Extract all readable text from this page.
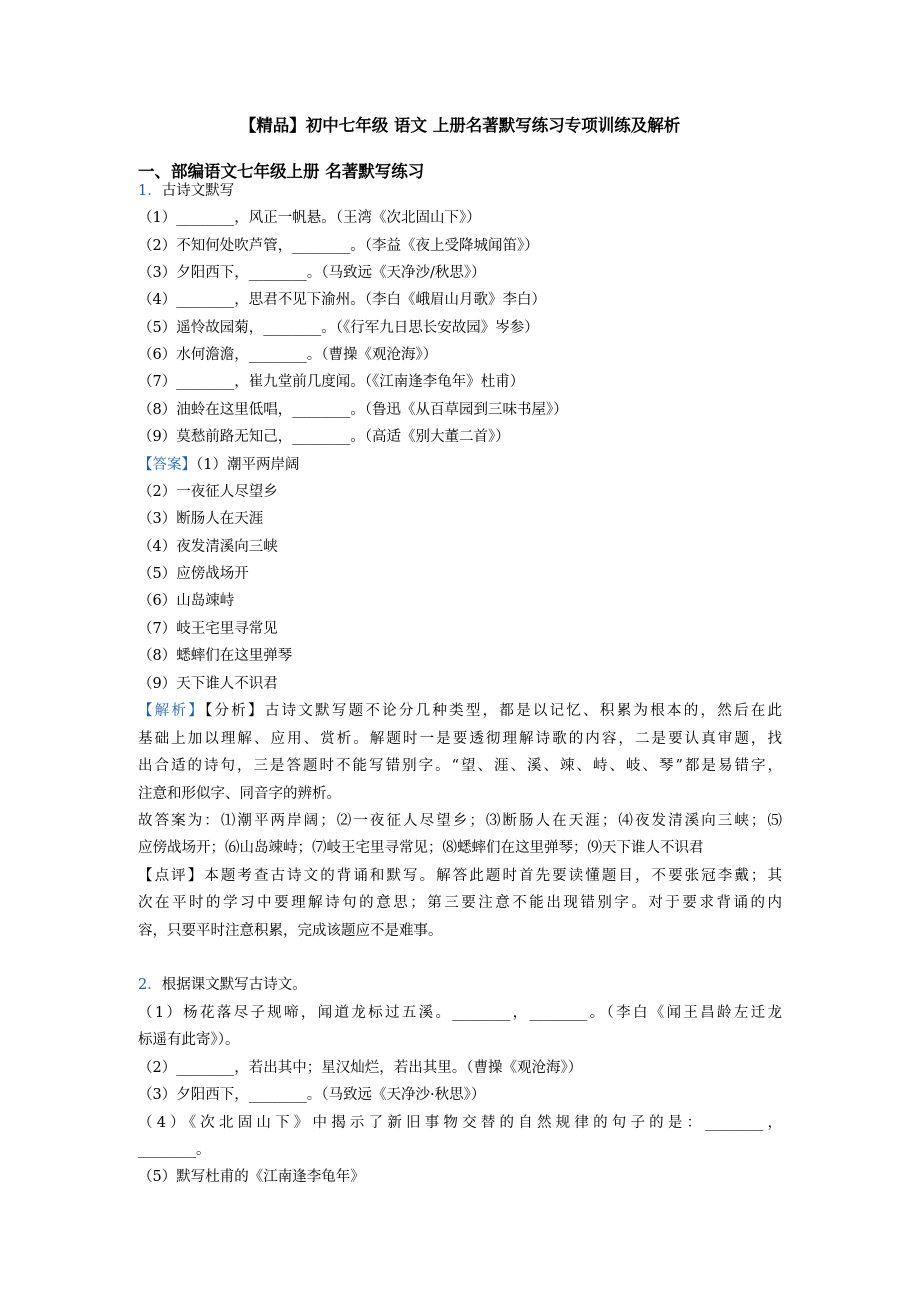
【精品】初中七年级 语文 上册名著默写练习专项训练及解析
一、部编语文七年级上册 名著默写练习
1．古诗文默写
（1）________，风正一帆悬。（王湾《次北固山下》）
（2）不知何处吹芦管，________。（李益《夜上受降城闻笛》）
（3）夕阳西下，________。（马致远《天净沙/秋思》）
（4）________，思君不见下渝州。（李白《峨眉山月歌》李白）
（5）遥怜故园菊，________。（《行军九日思长安故园》岑参）
（6）水何澹澹，________。（曹操《观沧海》）
（7）________，崔九堂前几度闻。（《江南逢李龟年》杜甫）
（8）油蛉在这里低唱，________。（鲁迅《从百草园到三味书屋》）
（9）莫愁前路无知己，________。（高适《别大董二首》）
【答案】（1）潮平两岸阔
（2）一夜征人尽望乡
（3）断肠人在天涯
（4）夜发清溪向三峡
（5）应傍战场开
（6）山岛竦峙
（7）岐王宅里寻常见
（8）蟋蟀们在这里弹琴
（9）天下谁人不识君
【解析】【分析】古诗文默写题不论分几种类型，都是以记忆、积累为根本的，然后在此
基础上加以理解、应用、赏析。解题时一是要透彻理解诗歌的内容，二是要认真审题，找
出合适的诗句，三是答题时不能写错别字。“望、涯、溪、竦、峙、岐、琴”都是易错字，
注意和形似字、同音字的辨析。
故答案为：⑴潮平两岸阔；⑵一夜征人尽望乡；⑶断肠人在天涯；⑷夜发清溪向三峡；⑸
应傍战场开；⑹山岛竦峙；⑺岐王宅里寻常见；⑻蟋蟀们在这里弹琴；⑼天下谁人不识君
【点评】本题考查古诗文的背诵和默写。解答此题时首先要读懂题目，不要张冠李戴；其
次在平时的学习中要理解诗句的意思；第三要注意不能出现错别字。对于要求背诵的内
容，只要平时注意积累，完成该题应不是难事。
2．根据课文默写古诗文。
（1）杨花落尽子规啼，闻道龙标过五溪。________，________。（李白《闻王昌龄左迁龙
标遥有此寄》）。
（2）________，若出其中；星汉灿烂，若出其里。（曹操《观沧海》）
（3）夕阳西下，________。（马致远《天净沙·秋思》）
（4）《次北固山下》中揭示了新旧事物交替的自然规律的句子的是：________，
________。
（5）默写杜甫的《江南逢李龟年》
